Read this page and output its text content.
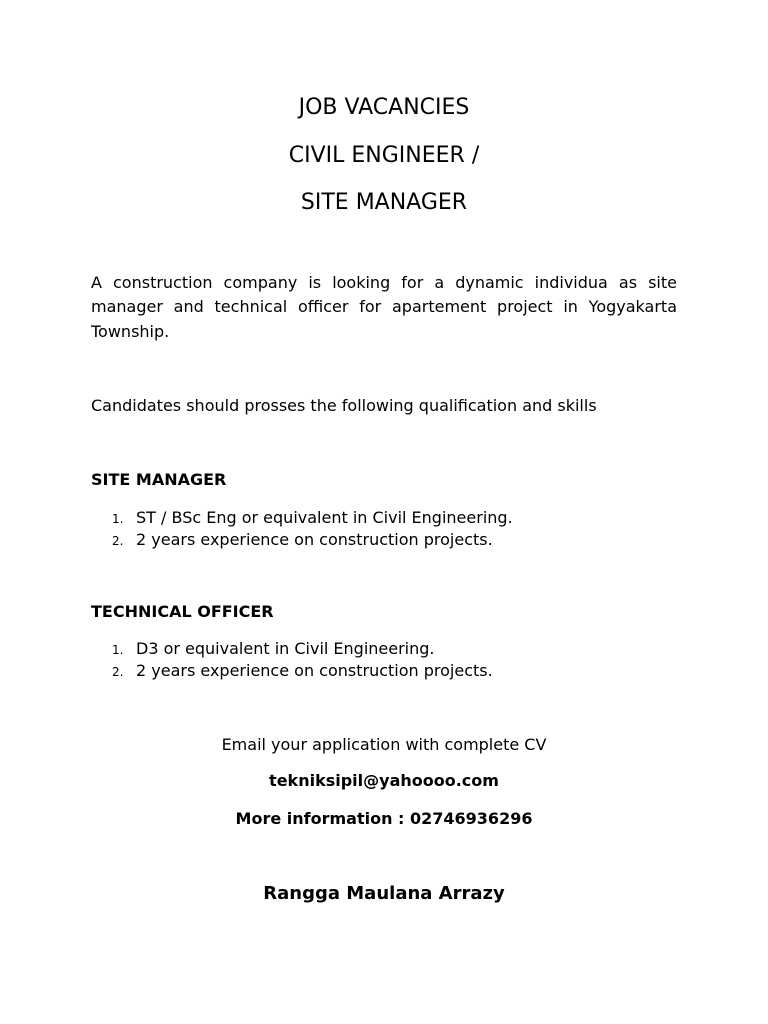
JOB VACANCIES
CIVIL ENGINEER /
SITE MANAGER
A construction company is looking for a dynamic individua as site manager and technical officer for apartement project in Yogyakarta Township.
Candidates should prosses the following qualification and skills
SITE MANAGER
1. ST / BSc Eng or equivalent in Civil Engineering.
2. 2 years experience on construction projects.
TECHNICAL OFFICER
1. D3 or equivalent in Civil Engineering.
2. 2 years experience on construction projects.
Email your application with complete CV
tekniksipil@yahoooo.com
More information : 02746936296
Rangga Maulana Arrazy
